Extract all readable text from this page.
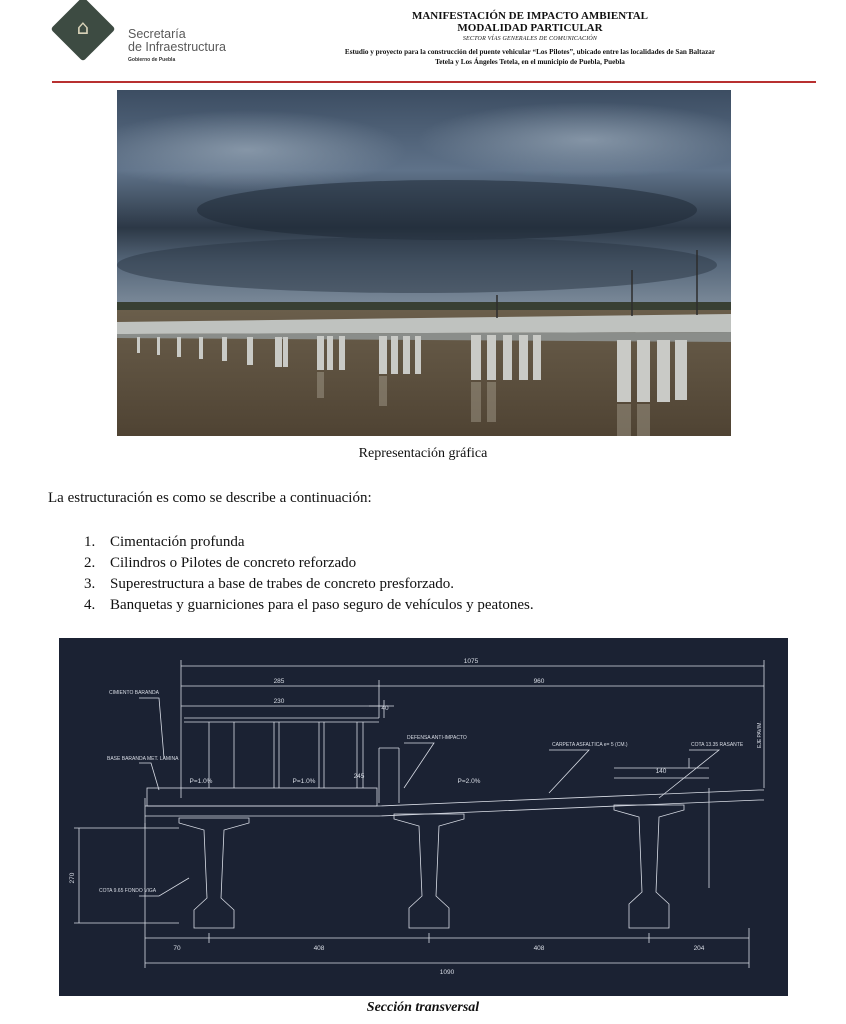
⌂	Secretaría
de Infraestructura
Gobierno de Puebla
MANIFESTACIÓN DE IMPACTO AMBIENTAL
MODALIDAD PARTICULAR
SECTOR VÍAS GENERALES DE COMUNICACIÓN
Estudio y proyecto para la construcción del puente vehicular “Los Pilotes”, ubicado entre las localidades de San Baltazar
Tetela y Los Ángeles Tetela, en el municipio de Puebla, Puebla
Representación gráfica
La estructuración es como se describe a continuación:
1. Cimentación profunda
2. Cilindros o Pilotes de concreto reforzado
3. Superestructura a base de trabes de concreto presforzado.
4. Banquetas y guarniciones para el paso seguro de vehículos y peatones.
1075
285	960
230
40
P=1.0%	P=1.0%	P=2.0%
140
245
270
70	408	408	204
1090
CIMIENTO BARANDA
BASE BARANDA MET. LAMINA
DEFENSA ANTI-IMPACTO
CARPETA ASFALTICA e= 5 (CM.)	COTA 13.35 RASANTE
COTA 9.65 FONDO VIGA
EJE PAVIM.
Sección transversal
